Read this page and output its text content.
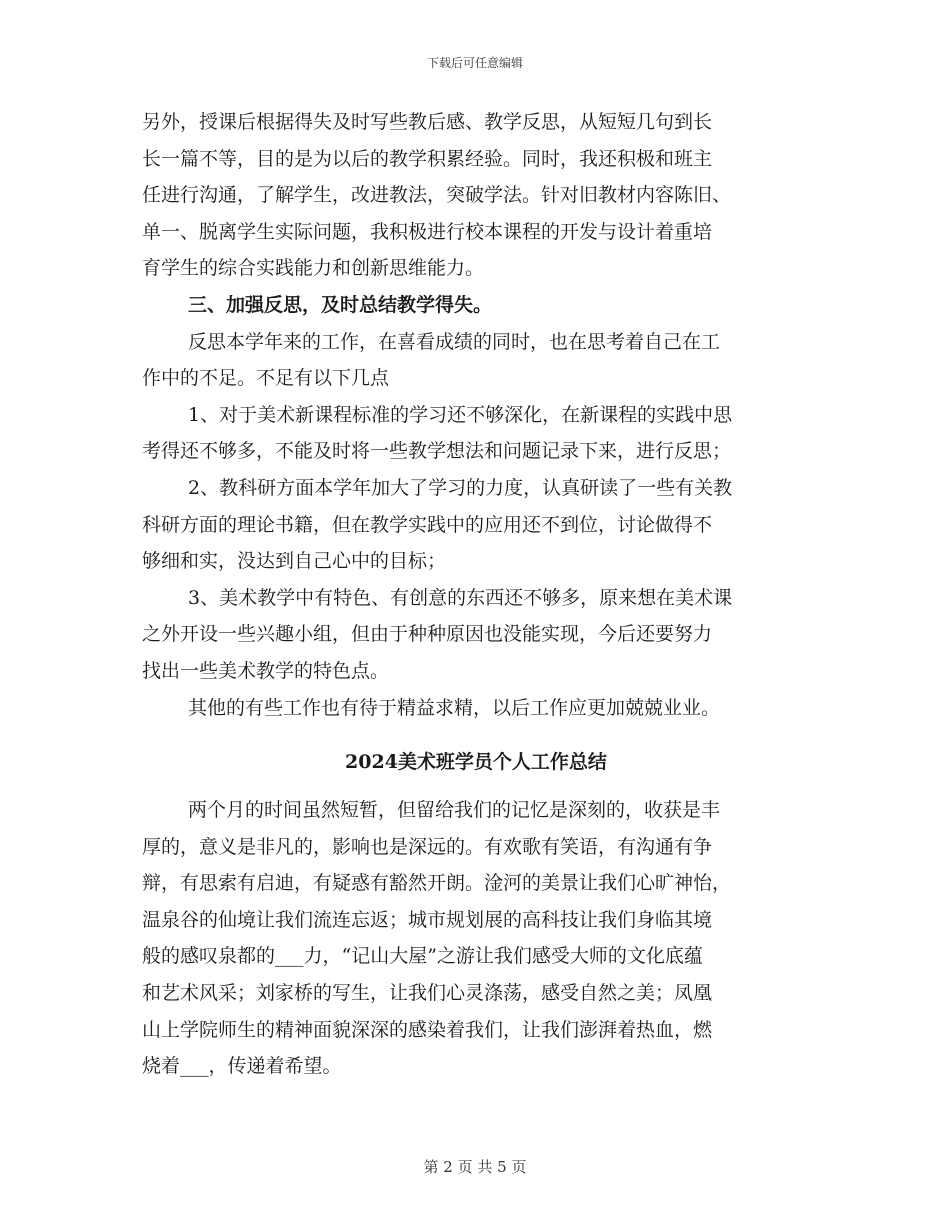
下载后可任意编辑
另外，授课后根据得失及时写些教后感、教学反思，从短短几句到长
长一篇不等，目的是为以后的教学积累经验。同时，我还积极和班主
任进行沟通，了解学生，改进教法，突破学法。针对旧教材内容陈旧、
单一、脱离学生实际问题，我积极进行校本课程的开发与设计着重培
育学生的综合实践能力和创新思维能力。
三、加强反思，及时总结教学得失。
反思本学年来的工作，在喜看成绩的同时，也在思考着自己在工
作中的不足。不足有以下几点
1、对于美术新课程标准的学习还不够深化，在新课程的实践中思
考得还不够多，不能及时将一些教学想法和问题记录下来，进行反思；
2、教科研方面本学年加大了学习的力度，认真研读了一些有关教
科研方面的理论书籍，但在教学实践中的应用还不到位，讨论做得不
够细和实，没达到自己心中的目标；
3、美术教学中有特色、有创意的东西还不够多，原来想在美术课
之外开设一些兴趣小组，但由于种种原因也没能实现，今后还要努力
找出一些美术教学的特色点。
其他的有些工作也有待于精益求精，以后工作应更加兢兢业业。
2024美术班学员个人工作总结
两个月的时间虽然短暂，但留给我们的记忆是深刻的，收获是丰
厚的，意义是非凡的，影响也是深远的。有欢歌有笑语，有沟通有争
辩，有思索有启迪，有疑惑有豁然开朗。淦河的美景让我们心旷神怡，
温泉谷的仙境让我们流连忘返；城市规划展的高科技让我们身临其境
般的感叹泉都的___力，“记山大屋”之游让我们感受大师的文化底蕴
和艺术风采；刘家桥的写生，让我们心灵涤荡，感受自然之美；凤凰
山上学院师生的精神面貌深深的感染着我们，让我们澎湃着热血，燃
烧着___，传递着希望。
第 2 页 共 5 页
